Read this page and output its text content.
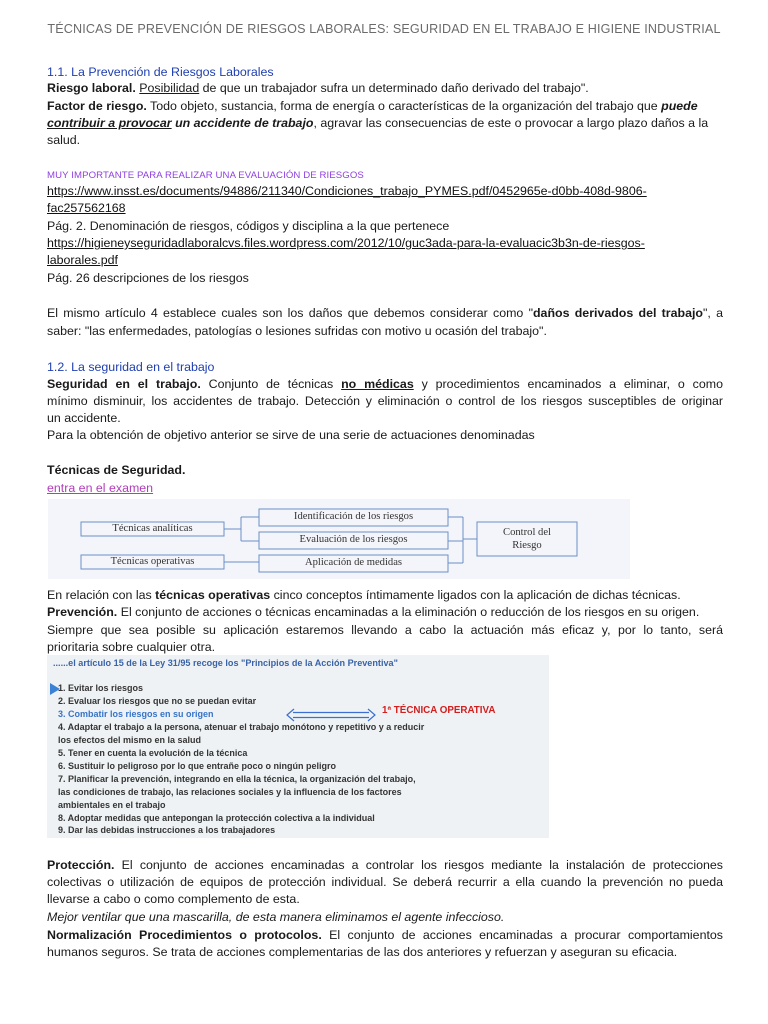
TÉCNICAS DE PREVENCIÓN DE RIESGOS LABORALES: SEGURIDAD EN EL TRABAJO E HIGIENE INDUSTRIAL
1.1. La Prevención de Riesgos Laborales
Riesgo laboral. Posibilidad de que un trabajador sufra un determinado daño derivado del trabajo".
Factor de riesgo. Todo objeto, sustancia, forma de energía o características de la organización del trabajo que puede
contribuir a provocar un accidente de trabajo, agravar las consecuencias de este o provocar a largo plazo daños a la
salud.
MUY IMPORTANTE PARA REALIZAR UNA EVALUACIÓN DE RIESGOS
https://www.insst.es/documents/94886/211340/Condiciones_trabajo_PYMES.pdf/0452965e-d0bb-408d-9806-
fac257562168
Pág. 2. Denominación de riesgos, códigos y disciplina a la que pertenece
https://higieneyseguridadlaboralcvs.files.wordpress.com/2012/10/guc3ada-para-la-evaluacic3b3n-de-riesgos-
laborales.pdf
Pág. 26 descripciones de los riesgos
El mismo artículo 4 establece cuales son los daños que debemos considerar como "daños derivados del trabajo", a
saber: "las enfermedades, patologías o lesiones sufridas con motivo u ocasión del trabajo".
1.2. La seguridad en el trabajo
Seguridad en el trabajo. Conjunto de técnicas no médicas y procedimientos encaminados a eliminar, o como
mínimo disminuir, los accidentes de trabajo. Detección y eliminación o control de los riesgos susceptibles de originar
un accidente.
Para la obtención de objetivo anterior se sirve de una serie de actuaciones denominadas
Técnicas de Seguridad.
entra en el examen
Técnicas analíticas
Técnicas operativas
Identificación de los riesgos
Evaluación de los riesgos
Aplicación de medidas
Control del
Riesgo
En relación con las técnicas operativas cinco conceptos íntimamente ligados con la aplicación de dichas técnicas.
Prevención. El conjunto de acciones o técnicas encaminadas a la eliminación o reducción de los riesgos en su origen.
Siempre que sea posible su aplicación estaremos llevando a cabo la actuación más eficaz y, por lo tanto, será
prioritaria sobre cualquier otra.
......el artículo 15 de la Ley 31/95 recoge los "Principios de la Acción Preventiva"
1. Evitar los riesgos
2. Evaluar los riesgos que no se puedan evitar
3. Combatir los riesgos en su origen	1ª TÉCNICA OPERATIVA
4. Adaptar el trabajo a la persona, atenuar el trabajo monótono y repetitivo y a reducir
los efectos del mismo en la salud
5. Tener en cuenta la evolución de la técnica
6. Sustituir lo peligroso por lo que entrañe poco o ningún peligro
7. Planificar la prevención, integrando en ella la técnica, la organización del trabajo,
las condiciones de trabajo, las relaciones sociales y la influencia de los factores
ambientales en el trabajo
8. Adoptar medidas que antepongan la protección colectiva a la individual
9. Dar las debidas instrucciones a los trabajadores
Protección. El conjunto de acciones encaminadas a controlar los riesgos mediante la instalación de protecciones
colectivas o utilización de equipos de protección individual. Se deberá recurrir a ella cuando la prevención no pueda
llevarse a cabo o como complemento de esta.
Mejor ventilar que una mascarilla, de esta manera eliminamos el agente infeccioso.
Normalización Procedimientos o protocolos. El conjunto de acciones encaminadas a procurar comportamientos
humanos seguros. Se trata de acciones complementarias de las dos anteriores y refuerzan y aseguran su eficacia.
